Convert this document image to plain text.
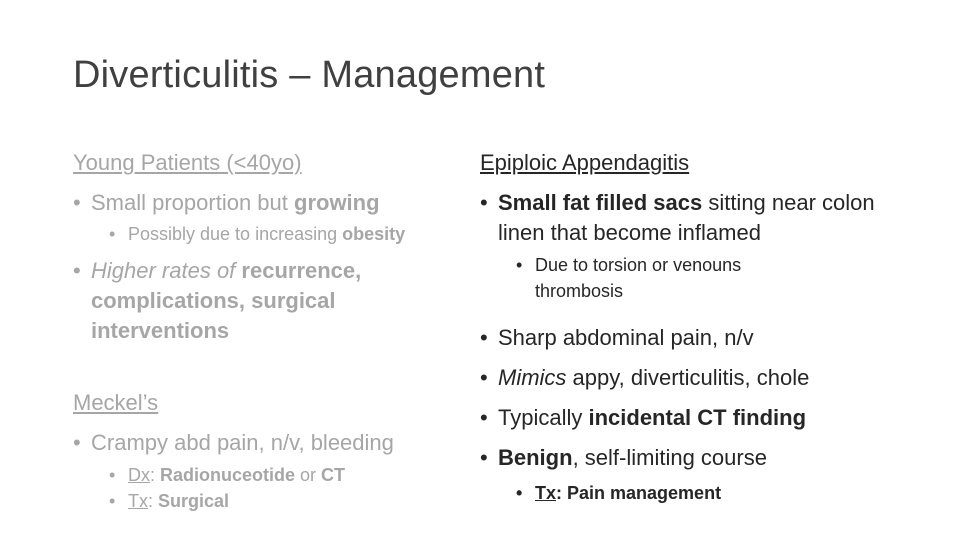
Diverticulitis – Management
Young Patients (<40yo)
• Small proportion but growing
• Possibly due to increasing obesity
• Higher rates of recurrence, complications, surgical interventions
Meckel’s
• Crampy abd pain, n/v, bleeding
• Dx: Radionuceotide or CT
• Tx: Surgical
Epiploic Appendagitis
• Small fat filled sacs sitting near colon linen that become inflamed
• Due to torsion or venouns thrombosis
• Sharp abdominal pain, n/v
• Mimics appy, diverticulitis, chole
• Typically incidental CT finding
• Benign, self-limiting course
• Tx: Pain management
